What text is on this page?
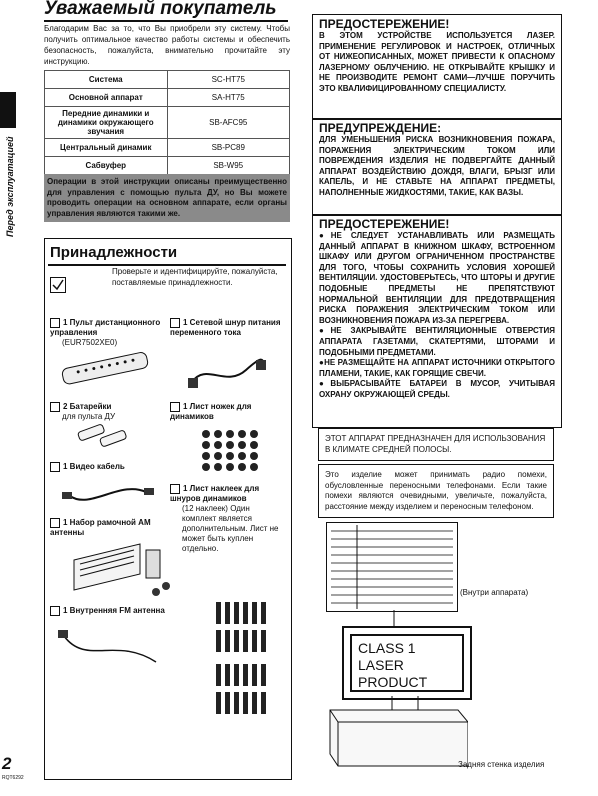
Перед эксплуатацией
Уважаемый покупатель
Благодарим Вас за то, что Вы приобрели эту систему. Чтобы получить оптимальное качество работы системы и обеспечить безопасность, пожалуйста, внимательно прочитайте эту инструкцию.
Система	SC-HT75
Основной аппарат	SA-HT75
Передние динамики и динамики окружающего звучания	SB-AFC95
Центральный динамик	SB-PC89
Сабвуфер	SB-W95
Операции в этой инструкции описаны преимущественно для управления с помощью пульта ДУ, но Вы можете проводить операции на основном аппарате, если органы управления являются такими же.
Принадлежности
Проверьте и идентифицируйте, пожалуйста, поставляемые принадлежности.
1 Пульт дистанционного управления
(EUR7502XE0)
1 Сетевой шнур питания переменного тока
2 Батарейки
для пульта ДУ
1 Лист ножек для динамиков
1 Видео кабель
1 Лист наклеек для шнуров динамиков
(12 наклеек) Один комплект является дополнительным. Лист не может быть куплен отдельно.
1 Набор рамочной АМ антенны
1 Внутренняя FM антенна
ПРЕДОСТЕРЕЖЕНИЕ!
В ЭТОМ УСТРОЙСТВЕ ИСПОЛЬЗУЕТСЯ ЛАЗЕР. ПРИМЕНЕНИЕ РЕГУЛИРОВОК И НАСТРОЕК, ОТЛИЧНЫХ ОТ НИЖЕОПИСАННЫХ, МОЖЕТ ПРИВЕСТИ К ОПАСНОМУ ЛАЗЕРНОМУ ОБЛУЧЕНИЮ. НЕ ОТКРЫВАЙТЕ КРЫШКУ И НЕ ПРОИЗВОДИТЕ РЕМОНТ САМИ—ЛУЧШЕ ПОРУЧИТЬ ЭТО КВАЛИФИЦИРОВАННОМУ СПЕЦИАЛИСТУ.
ПРЕДУПРЕЖДЕНИЕ:
ДЛЯ УМЕНЬШЕНИЯ РИСКА ВОЗНИКНОВЕНИЯ ПОЖАРА, ПОРАЖЕНИЯ ЭЛЕКТРИЧЕСКИМ ТОКОМ ИЛИ ПОВРЕЖДЕНИЯ ИЗДЕЛИЯ НЕ ПОДВЕРГАЙТЕ ДАННЫЙ АППАРАТ ВОЗДЕЙСТВИЮ ДОЖДЯ, ВЛАГИ, БРЫЗГ ИЛИ КАПЕЛЬ, И НЕ СТАВЬТЕ НА АППАРАТ ПРЕДМЕТЫ, НАПОЛНЕННЫЕ ЖИДКОСТЯМИ, ТАКИЕ, КАК ВАЗЫ.
ПРЕДОСТЕРЕЖЕНИЕ!
●НЕ СЛЕДУЕТ УСТАНАВЛИВАТЬ ИЛИ РАЗМЕЩАТЬ ДАННЫЙ АППАРАТ В КНИЖНОМ ШКАФУ, ВСТРОЕННОМ ШКАФУ ИЛИ ДРУГОМ ОГРАНИЧЕННОМ ПРОСТРАНСТВЕ ДЛЯ ТОГО, ЧТОБЫ СОХРАНИТЬ УСЛОВИЯ ХОРОШЕЙ ВЕНТИЛЯЦИИ. УДОСТОВЕРЬТЕСЬ, ЧТО ШТОРЫ И ДРУГИЕ ПОДОБНЫЕ ПРЕДМЕТЫ НЕ ПРЕПЯТСТВУЮТ НОРМАЛЬНОЙ ВЕНТИЛЯЦИИ ДЛЯ ПРЕДОТВРАЩЕНИЯ РИСКА ПОРАЖЕНИЯ ЭЛЕКТРИЧЕСКИМ ТОКОМ ИЛИ ВОЗНИКНОВЕНИЯ ПОЖАРА ИЗ-ЗА ПЕРЕГРЕВА.
●НЕ ЗАКРЫВАЙТЕ ВЕНТИЛЯЦИОННЫЕ ОТВЕРСТИЯ АППАРАТА ГАЗЕТАМИ, СКАТЕРТЯМИ, ШТОРАМИ И ПОДОБНЫМИ ПРЕДМЕТАМИ.
●НЕ РАЗМЕЩАЙТЕ НА АППАРАТ ИСТОЧНИКИ ОТКРЫТОГО ПЛАМЕНИ, ТАКИЕ, КАК ГОРЯЩИЕ СВЕЧИ.
●ВЫБРАСЫВАЙТЕ БАТАРЕИ В МУСОР, УЧИТЫВАЯ ОХРАНУ ОКРУЖАЮЩЕЙ СРЕДЫ.
ЭТОТ АППАРАТ ПРЕДНАЗНАЧЕН ДЛЯ ИСПОЛЬЗОВАНИЯ В КЛИМАТЕ СРЕДНЕЙ ПОЛОСЫ.
Это изделие может принимать радио помехи, обусловленные переносными телефонами. Если такие помехи являются очевидными, увеличьте, пожалуйста, расстояние между изделием и переносным телефоном.
(Внутри аппарата)
CLASS 1
LASER PRODUCT
Задняя стенка изделия
2
RQT6292
